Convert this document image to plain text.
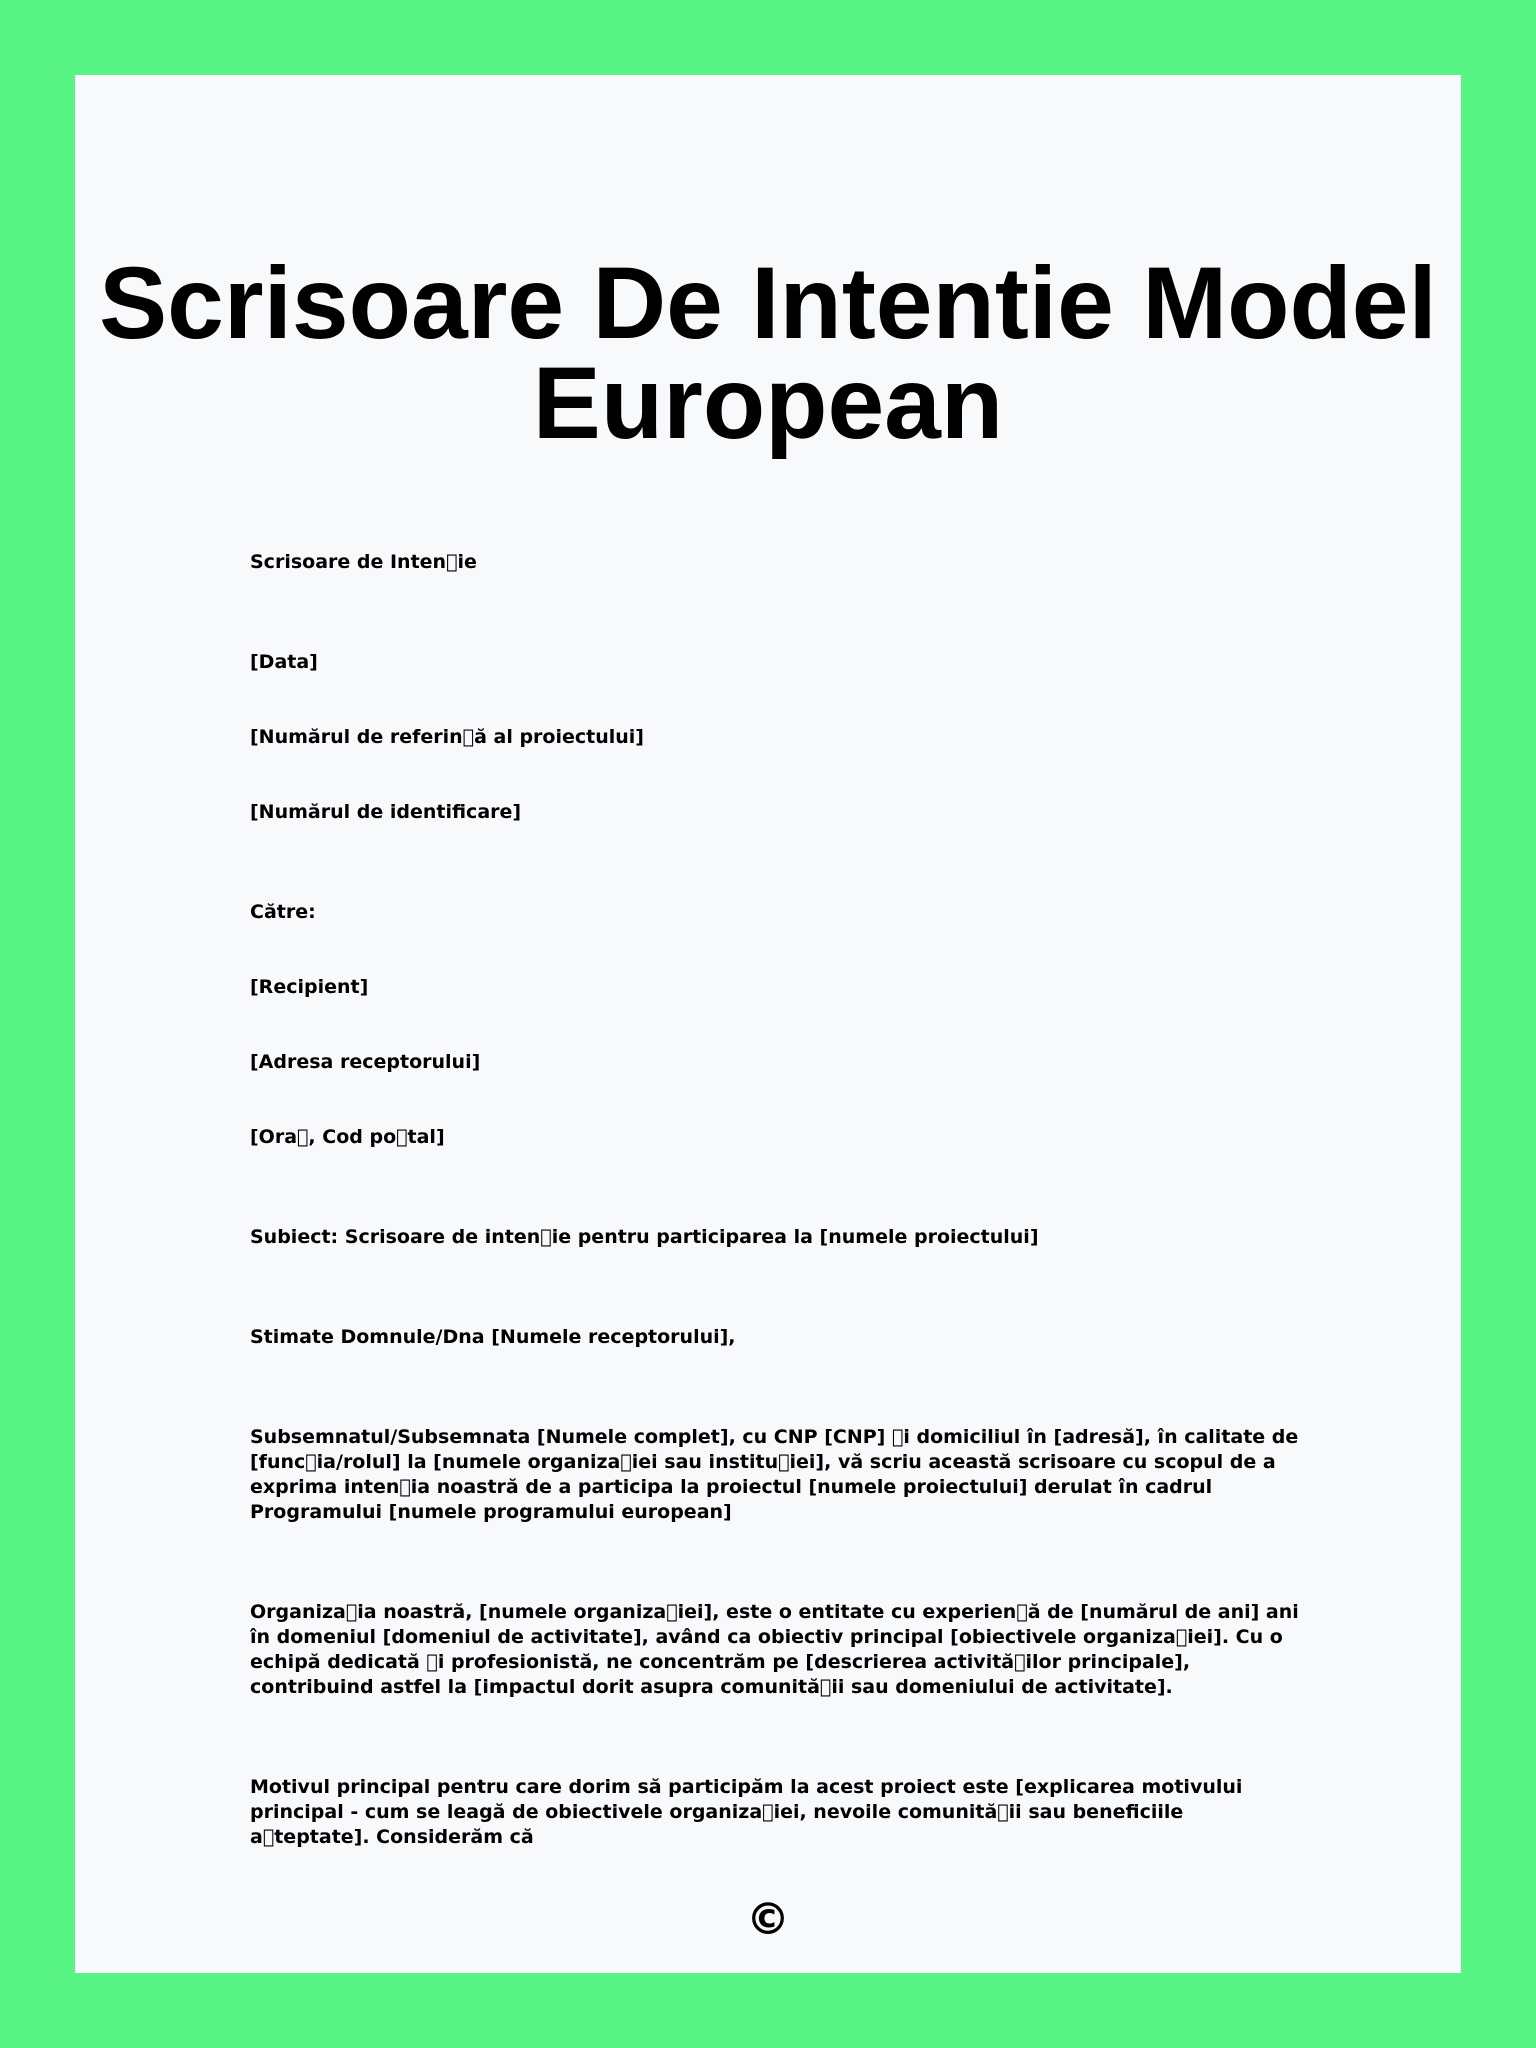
Scrisoare De Intentie Model European

Scrisoare de Inten ie

[Data]

[Numărul de referin ă al proiectului]

[Numărul de identificare]

Către:

[Recipient]

[Adresa receptorului]

[Ora , Cod po tal]

Subiect: Scrisoare de inten ie pentru participarea la [numele proiectului]

Stimate Domnule/Dna [Numele receptorului],

Subsemnatul/Subsemnata [Numele complet], cu CNP [CNP]  i domiciliul în [adresă], în calitate de [func ia/rolul] la [numele organiza iei sau institu iei], vă scriu această scrisoare cu scopul de a exprima inten ia noastră de a participa la proiectul [numele proiectului] derulat în cadrul Programului [numele programului european]

Organiza ia noastră, [numele organiza iei], este o entitate cu experien ă de [numărul de ani] ani în domeniul [domeniul de activitate], având ca obiectiv principal [obiectivele organiza iei]. Cu o echipă dedicată  i profesionistă, ne concentrăm pe [descrierea activită ilor principale], contribuind astfel la [impactul dorit asupra comunită ii sau domeniului de activitate].

Motivul principal pentru care dorim să participăm la acest proiect este [explicarea motivului principal - cum se leagă de obiectivele organiza iei, nevoile comunită ii sau beneficiile a teptate]. Considerăm că

©
